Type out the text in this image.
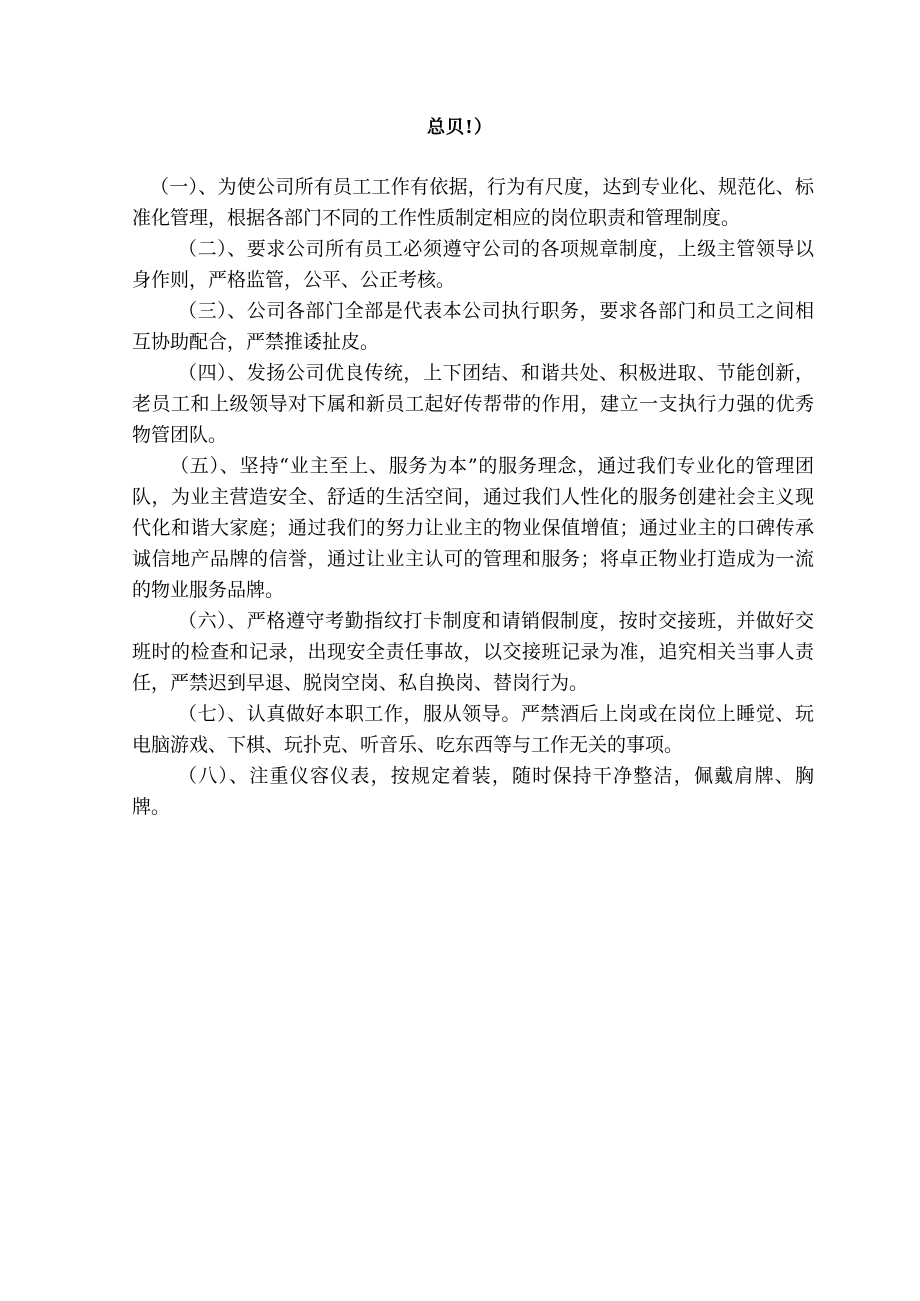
总贝!）

（一）、为使公司所有员工工作有依据，行为有尺度，达到专业化、规范化、标准化管理，根据各部门不同的工作性质制定相应的岗位职责和管理制度。

（二）、要求公司所有员工必须遵守公司的各项规章制度，上级主管领导以身作则，严格监管，公平、公正考核。

（三）、公司各部门全部是代表本公司执行职务，要求各部门和员工之间相互协助配合，严禁推诿扯皮。

（四）、发扬公司优良传统，上下团结、和谐共处、积极进取、节能创新，老员工和上级领导对下属和新员工起好传帮带的作用，建立一支执行力强的优秀物管团队。

（五）、坚持“业主至上、服务为本”的服务理念，通过我们专业化的管理团队，为业主营造安全、舒适的生活空间，通过我们人性化的服务创建社会主义现代化和谐大家庭；通过我们的努力让业主的物业保值增值；通过业主的口碑传承诚信地产品牌的信誉，通过让业主认可的管理和服务；将卓正物业打造成为一流的物业服务品牌。

（六）、严格遵守考勤指纹打卡制度和请销假制度，按时交接班，并做好交班时的检查和记录，出现安全责任事故，以交接班记录为准，追究相关当事人责任，严禁迟到早退、脱岗空岗、私自换岗、替岗行为。

（七）、认真做好本职工作，服从领导。严禁酒后上岗或在岗位上睡觉、玩电脑游戏、下棋、玩扑克、听音乐、吃东西等与工作无关的事项。

（八）、注重仪容仪表，按规定着装，随时保持干净整洁，佩戴肩牌、胸牌。
